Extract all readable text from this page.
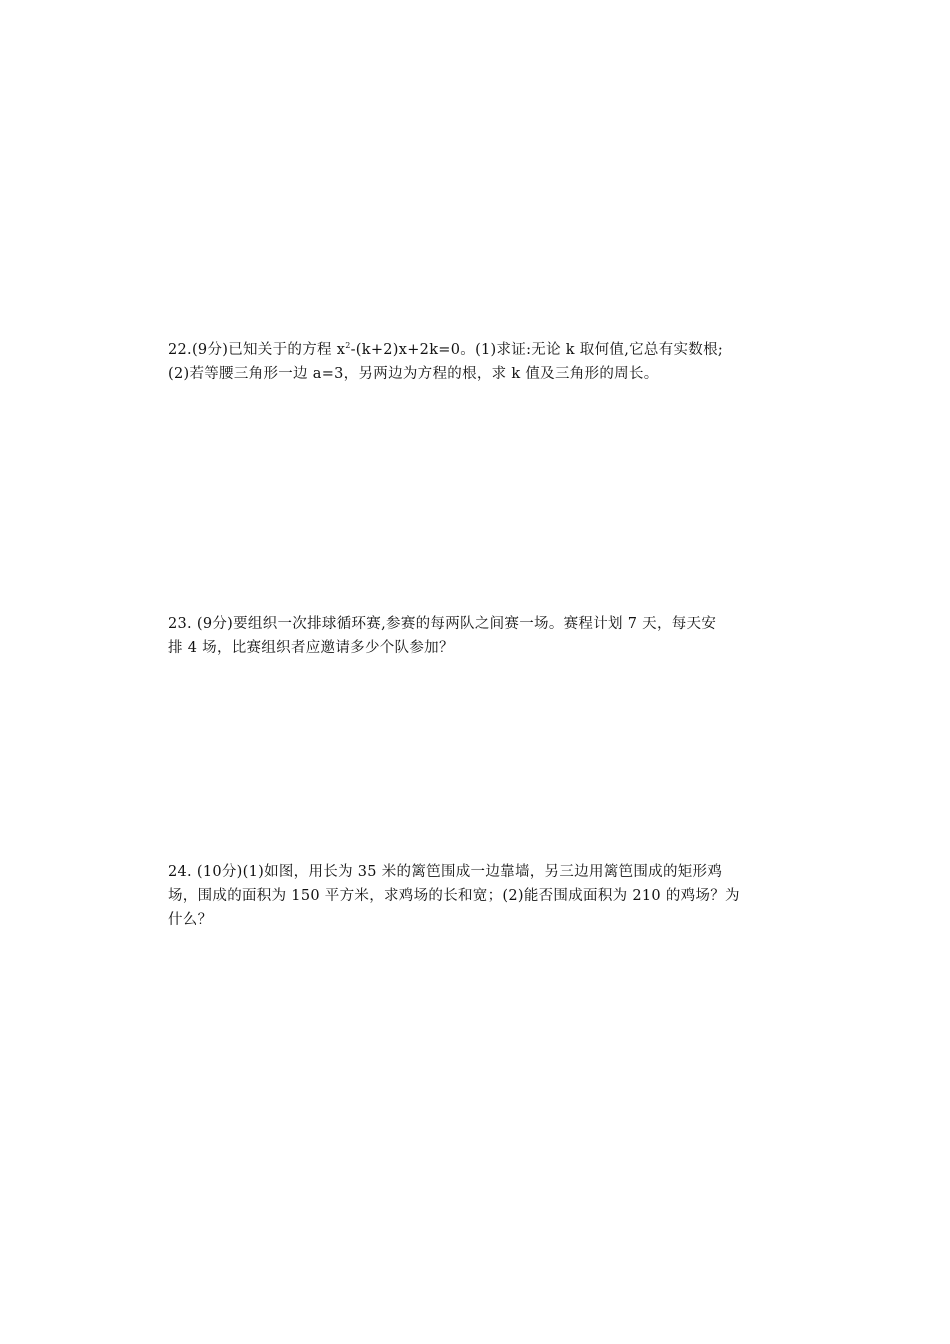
22.(9分)已知关于的方程 $x^2-(k+2)x+2k=0$。(1)求证:无论 k 取何值,它总有实数根;

(2)若等腰三角形一边 a=3，另两边为方程的根，求 k 值及三角形的周长。

23. (9分)要组织一次排球循环赛,参赛的每两队之间赛一场。赛程计划 7 天，每天安

排 4 场，比赛组织者应邀请多少个队参加？

24. (10分)(1)如图，用长为 35 米的篱笆围成一边靠墙，另三边用篱笆围成的矩形鸡

场，围成的面积为 150 平方米，求鸡场的长和宽；(2)能否围成面积为 210 的鸡场？为

什么？
